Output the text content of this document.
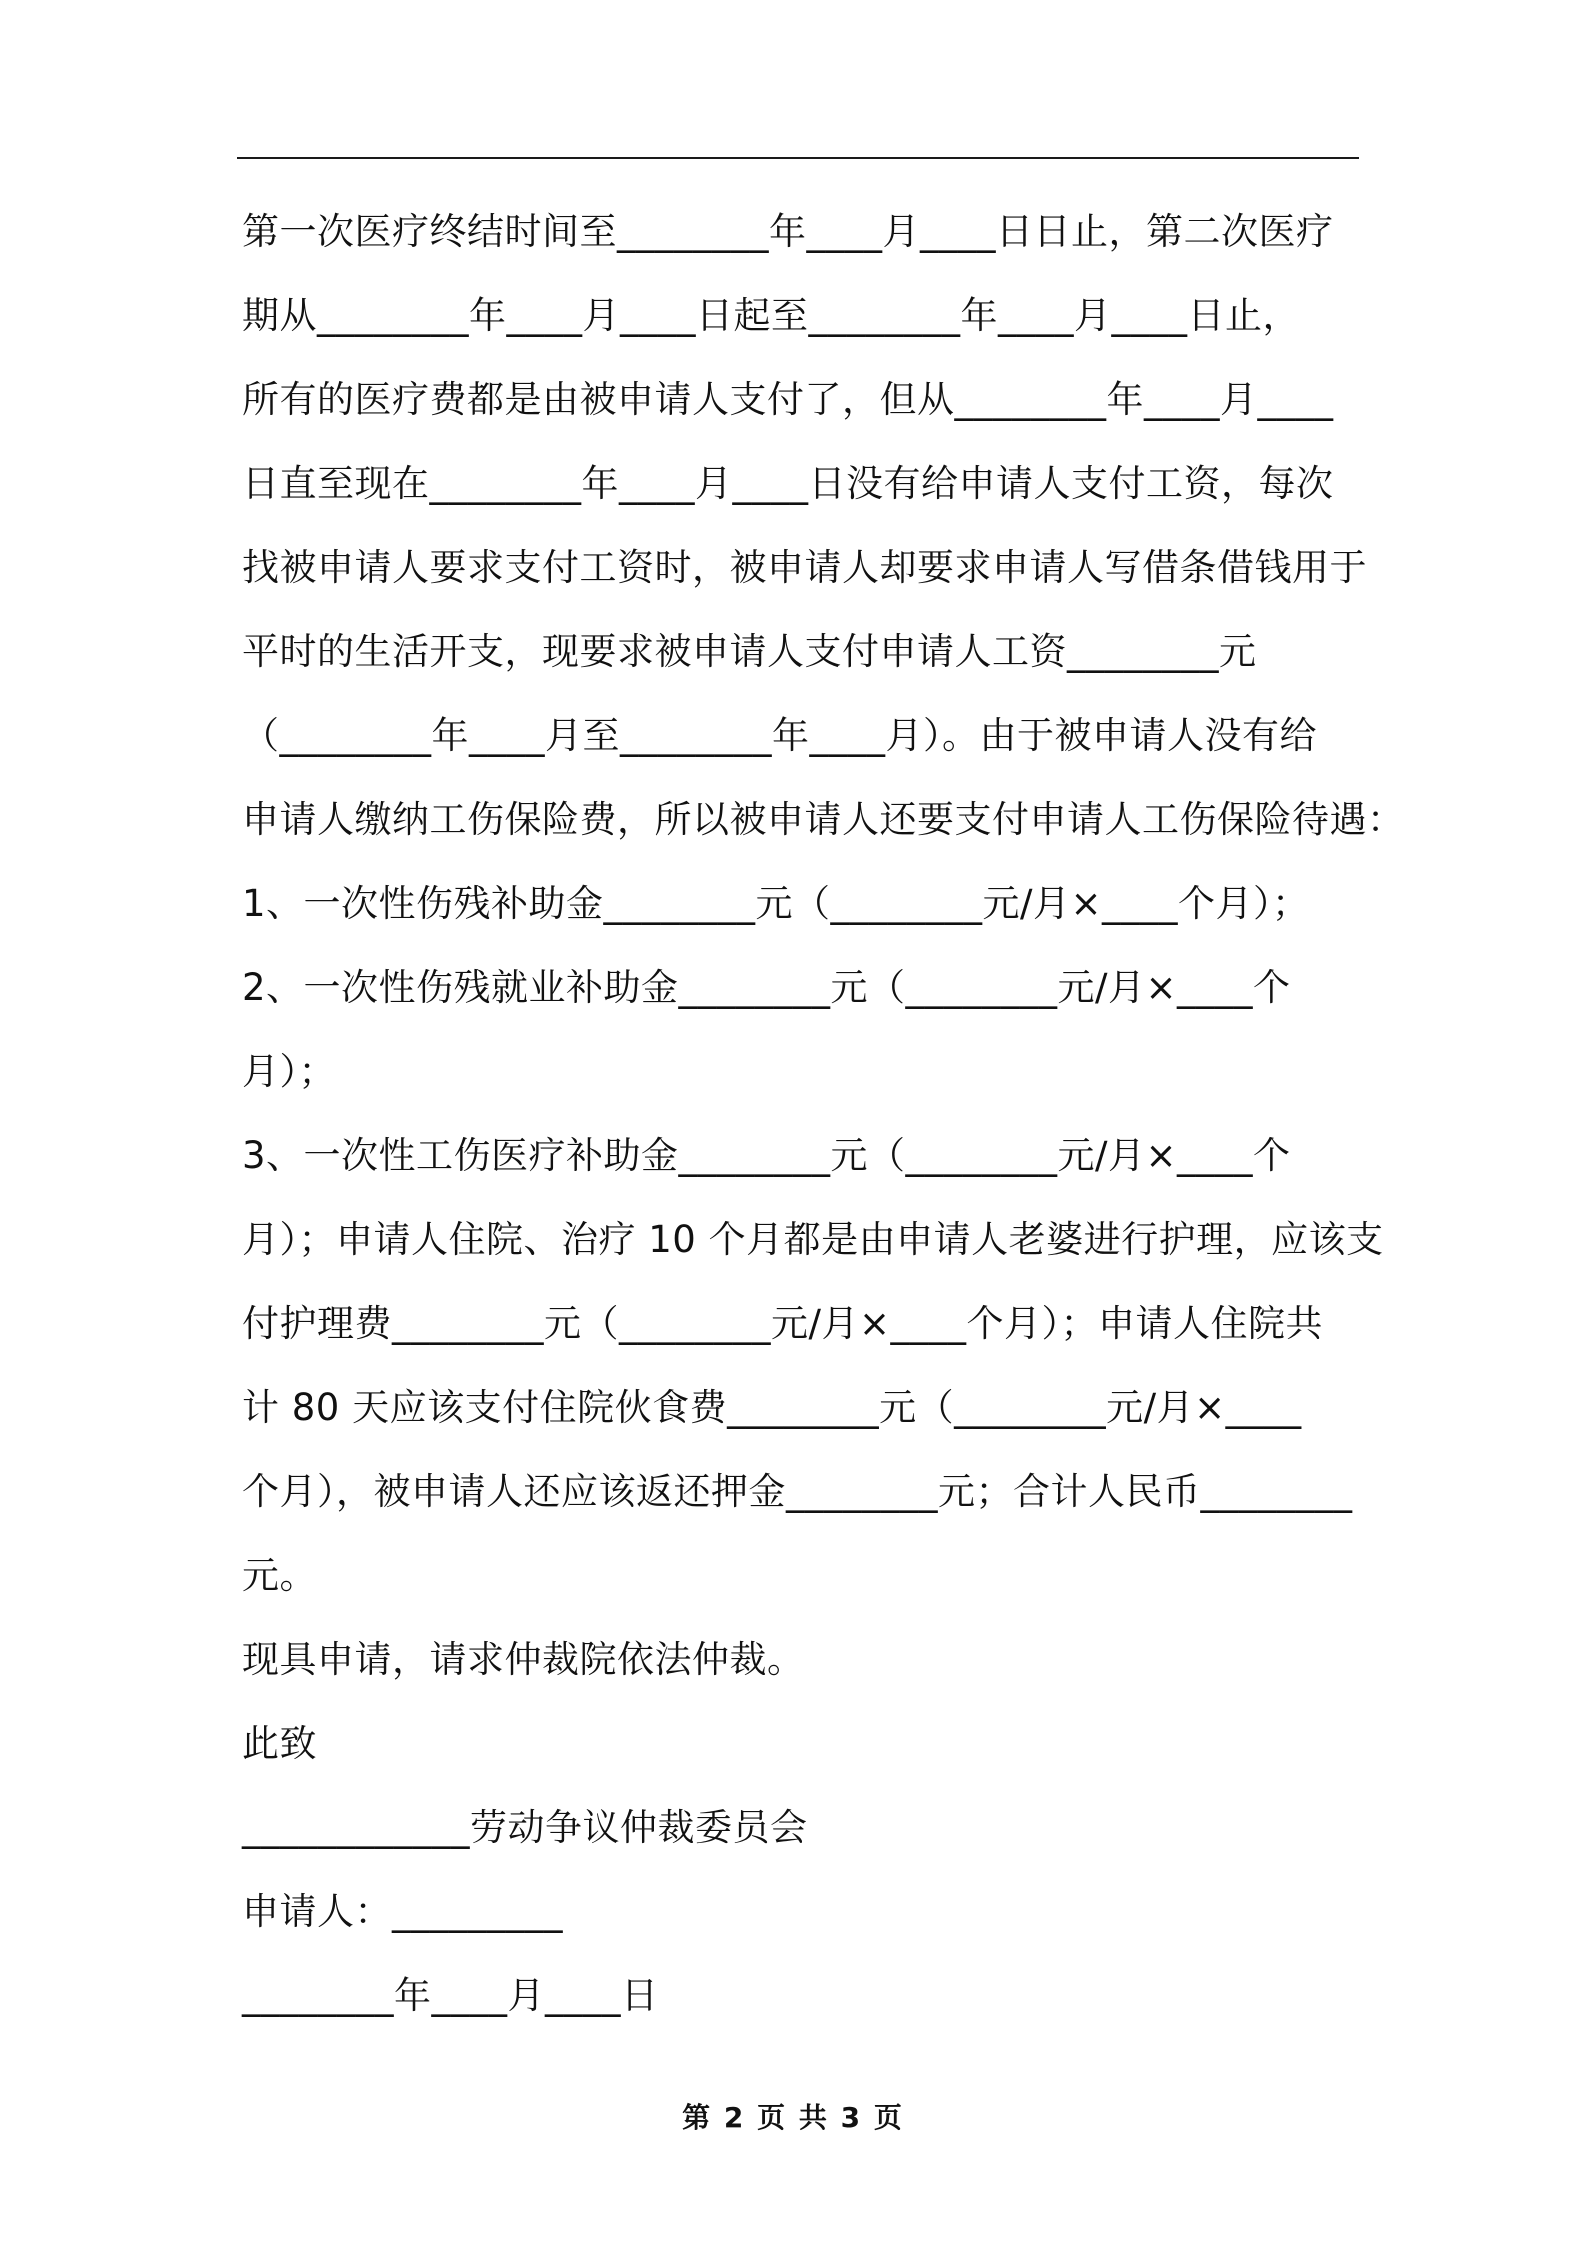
第一次医疗终结时间至________年____月____日日止，第二次医疗
期从________年____月____日起至________年____月____日止，
所有的医疗费都是由被申请人支付了，但从________年____月____
日直至现在________年____月____日没有给申请人支付工资，每次
找被申请人要求支付工资时，被申请人却要求申请人写借条借钱用于
平时的生活开支，现要求被申请人支付申请人工资________元
（________年____月至________年____月）。由于被申请人没有给
申请人缴纳工伤保险费，所以被申请人还要支付申请人工伤保险待遇：
1、一次性伤残补助金________元（________元/月×____个月）；
2、一次性伤残就业补助金________元（________元/月×____个
月）；
3、一次性工伤医疗补助金________元（________元/月×____个
月）；申请人住院、治疗 10 个月都是由申请人老婆进行护理，应该支
付护理费________元（________元/月×____个月）；申请人住院共
计 80 天应该支付住院伙食费________元（________元/月×____
个月），被申请人还应该返还押金________元；合计人民币________
元。
现具申请，请求仲裁院依法仲裁。
此致
____________劳动争议仲裁委员会
申请人：_________
________年____月____日
第 2 页 共 3 页
